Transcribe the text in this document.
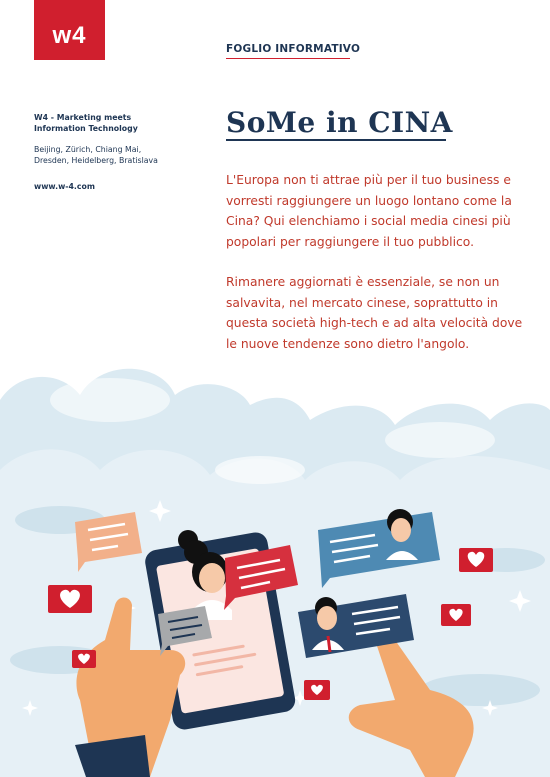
w4
W4 - Marketing meets
Information Technology
Beijing, Zürich, Chiang Mai,
Dresden, Heidelberg, Bratislava
www.w-4.com
FOGLIO INFORMATIVO
SoMe in CINA

L'Europa non ti attrae più per il tuo business e vorresti raggiungere un luogo lontano come la Cina? Qui elenchiamo i social media cinesi più popolari per raggiungere il tuo pubblico.

Rimanere aggiornati è essenziale, se non un salvavita, nel mercato cinese, soprattutto in questa società high-tech e ad alta velocità dove le nuove tendenze sono dietro l'angolo.
